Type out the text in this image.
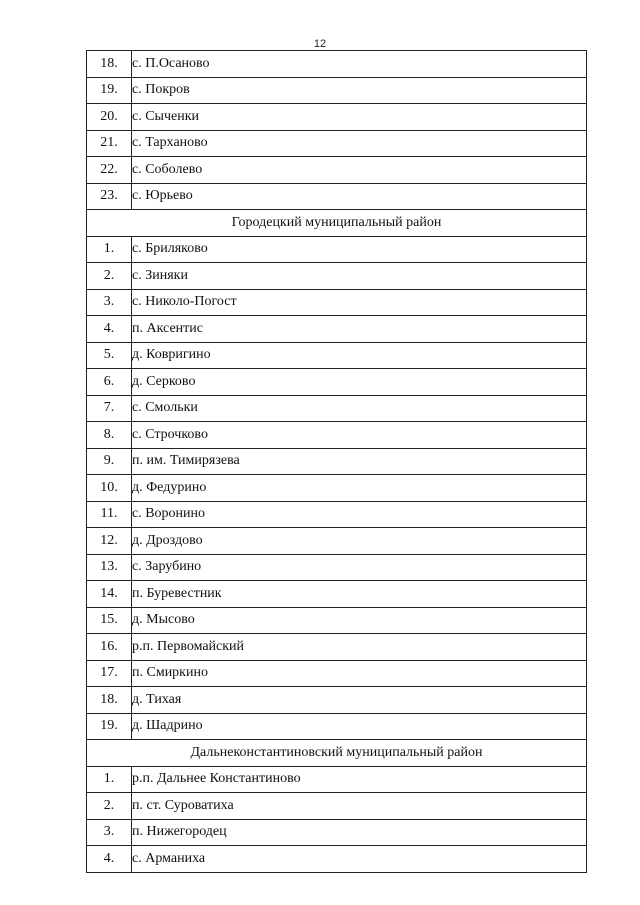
12
18.	с. П.Осаново
19.	с. Покров
20.	с. Сыченки
21.	с. Тарханово
22.	с. Соболево
23.	с. Юрьево
Городецкий муниципальный район	
1.	с. Бриляково
2.	с. Зиняки
3.	с. Николо-Погост
4.	п. Аксентис
5.	д. Ковригино
6.	д. Серково
7.	с. Смольки
8.	с. Строчково
9.	п. им. Тимирязева
10.	д. Федурино
11.	с. Воронино
12.	д. Дроздово
13.	с. Зарубино
14.	п. Буревестник
15.	д. Мысово
16.	р.п. Первомайский
17.	п. Смиркино
18.	д. Тихая
19.	д. Шадрино
Дальнеконстантиновский муниципальный район	
1.	р.п. Дальнее Константиново
2.	п. ст. Суроватиха
3.	п. Нижегородец
4.	с. Арманиха
